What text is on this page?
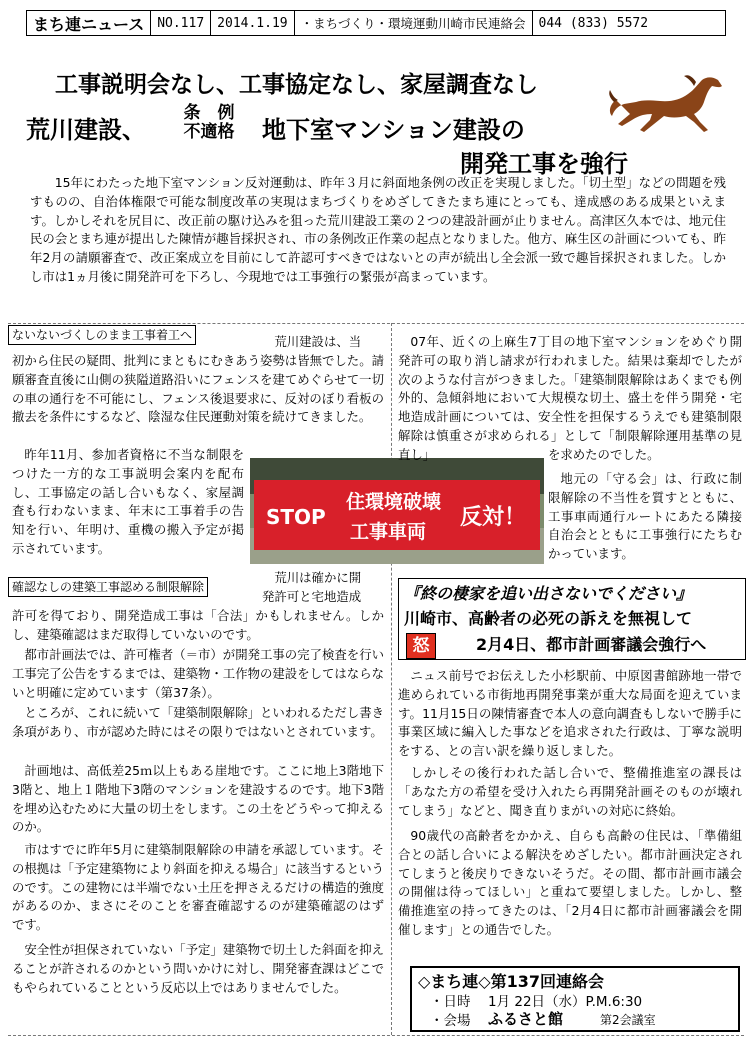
まち連ニュース	NO.117	2014.1.19	・まちづくり・環境運動川崎市民連絡会	044 (833) 5572
工事説明会なし、工事協定なし、家屋調査なし
荒川建設、
条　例
不適格	地下室マンション建設の
開発工事を強行
15年にわたった地下室マンション反対運動は、昨年３月に斜面地条例の改正を実現しました。「切土型」などの問題を残すものの、自治体権限で可能な制度改革の実現はまちづくりをめざしてきたまち連にとっても、達成感のある成果といえます。しかしそれを尻目に、改正前の駆け込みを狙った荒川建設工業の２つの建設計画が止りません。高津区久本では、地元住民の会とまち連が提出した陳情が趣旨採択され、市の条例改正作業の起点となりました。他方、麻生区の計画についても、昨年2月の請願審査で、改正案成立を目前にして許認可すべきではないとの声が続出し全会派一致で趣旨採択されました。しかし市は1ヵ月後に開発許可を下ろし、今現地では工事強行の緊張が高まっています。
ないないづくしのまま工事着工へ	荒川建設は、当
初から住民の疑問、批判にまともにむきあう姿勢は皆無でした。請願審査直後に山側の狭隘道路沿いにフェンスを建てめぐらせて一切の車の通行を不可能にし、フェンス後退要求に、反対のぼり看板の撤去を条件にするなど、陰湿な住民運動対策を続けてきました。
昨年11月、参加者資格に不当な制限をつけた一方的な工事説明会案内を配布し、工事協定の話し合いもなく、家屋調査も行わないまま、年末に工事着手の告知を行い、年明け、重機の搬入予定が掲示されています。
STOP
住環境破壊
工事車両
反対！
確認なしの建築工事認める制限解除
荒川は確かに開
発許可と宅地造成
許可を得ており、開発造成工事は「合法」かもしれません。しかし、建築確認はまだ取得していないのです。
都市計画法では、許可権者（＝市）が開発工事の完了検査を行い工事完了公告をするまでは、建築物・工作物の建設をしてはならないと明確に定めています（第37条）。
ところが、これに続いて「建築制限解除」といわれるただし書き条項があり、市が認めた時にはその限りではないとされています。
計画地は、高低差25ｍ以上もある崖地です。ここに地上3階地下3階と、地上１階地下3階のマンションを建設するのです。地下3階を埋め込むために大量の切土をします。この土をどうやって抑えるのか。
市はすでに昨年5月に建築制限解除の申請を承認しています。その根拠は「予定建築物により斜面を抑える場合」に該当するというのです。この建物には半端でない土圧を押さえるだけの構造的強度があるのか、まさにそのことを審査確認するのが建築確認のはずです。
安全性が担保されていない「予定」建築物で切土した斜面を抑えることが許されるのかという問いかけに対し、開発審査課はどこでもやられていることという反応以上ではありませんでした。
07年、近くの上麻生7丁目の地下室マンションをめぐり開発許可の取り消し請求が行われました。結果は棄却でしたが次のような付言がつきました。「建築制限解除はあくまでも例外的、急傾斜地において大規模な切土、盛土を伴う開発・宅地造成計画については、安全性を担保するうえでも建築制限解除は慎重さが求められる」として「制限解除運用基準の見直し」	を求めたのでした。
地元の「守る会」は、行政に制限解除の不当性を質すとともに、工事車両通行ルートにあたる隣接自治会とともに工事強行にたちむかっています。
『終の棲家を追い出さないでください』
川崎市、高齢者の必死の訴えを無視して
怒	2月4日、都市計画審議会強行へ
ニュス前号でお伝えした小杉駅前、中原図書館跡地一帯で進められている市街地再開発事業が重大な局面を迎えています。11月15日の陳情審査で本人の意向調査もしないで勝手に事業区域に編入した事などを追求された行政は、丁寧な説明をする、との言い訳を繰り返しました。
しかしその後行われた話し合いで、整備推進室の課長は「あなた方の希望を受け入れたら再開発計画そのものが壊れてしまう」などと、聞き直りまがいの対応に終始。
90歳代の高齢者をかかえ、自らも高齢の住民は、「準備組合との話し合いによる解決をめざしたい。都市計画決定されてしまうと後戻りできないそうだ。その間、都市計画市議会の開催は待ってほしい」と重ねて要望しました。しかし、整備推進室の持ってきたのは、「2月4日に都市計画審議会を開催します」との通告でした。
◇まち連◇第137回連絡会
・日時 1月 22日（水）P.M.6:30
・会場 ふるさと館	第2会議室
